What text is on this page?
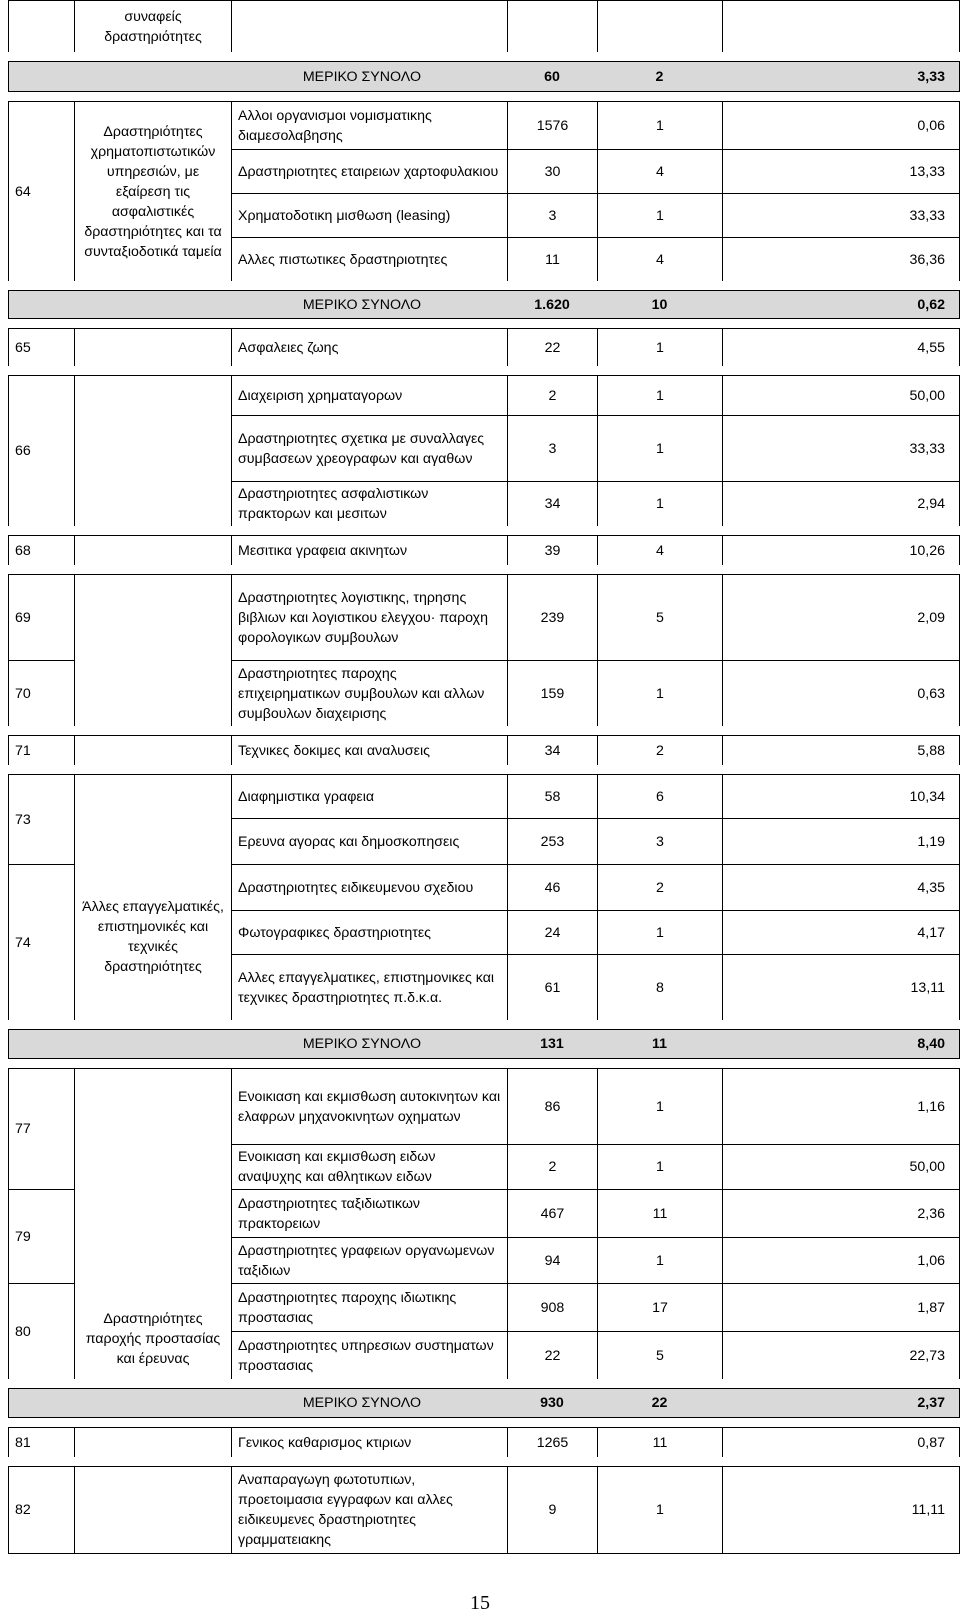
	συναφείς δραστηριότητες				

ΜΕΡΙΚΟ ΣΥΝΟΛΟ			60	2	3,33

64	Δραστηριότητες χρηματοπιστωτικών υπηρεσιών, με εξαίρεση τις ασφαλιστικές δραστηριότητες και τα συνταξιοδοτικά ταμεία	Αλλοι οργανισμοι νομισματικης διαμεσολαβησης	1576	1	0,06
		Δραστηριοτητες εταιρειων χαρτοφυλακιου	30	4	13,33
		Χρηματοδοτικη μισθωση (leasing)	3	1	33,33
		Αλλες πιστωτικες δραστηριοτητες	11	4	36,36

ΜΕΡΙΚΟ ΣΥΝΟΛΟ			1.620	10	0,62

65		Ασφαλειες ζωης	22	1	4,55

66		Διαχειριση χρηματαγορων	2	1	50,00
		Δραστηριοτητες σχετικα με συναλλαγες συμβασεων χρεογραφων και αγαθων	3	1	33,33
		Δραστηριοτητες ασφαλιστικων πρακτορων και μεσιτων	34	1	2,94

68		Μεσιτικα γραφεια ακινητων	39	4	10,26

69		Δραστηριοτητες λογιστικης, τηρησης βιβλιων και λογιστικου ελεγχου· παροχη φορολογικων συμβουλων	239	5	2,09
70		Δραστηριοτητες παροχης επιχειρηματικων συμβουλων και αλλων συμβουλων διαχειρισης	159	1	0,63

71		Τεχνικες δοκιμες και αναλυσεις	34	2	5,88

73	Άλλες επαγγελματικές, επιστημονικές και τεχνικές δραστηριότητες	Διαφημιστικα γραφεια	58	6	10,34
		Ερευνα αγορας και δημοσκοπησεις	253	3	1,19
74		Δραστηριοτητες ειδικευμενου σχεδιου	46	2	4,35
		Φωτογραφικες δραστηριοτητες	24	1	4,17
		Αλλες επαγγελματικες, επιστημονικες και τεχνικες δραστηριοτητες π.δ.κ.α.	61	8	13,11

ΜΕΡΙΚΟ ΣΥΝΟΛΟ			131	11	8,40

77	Δραστηριότητες παροχής προστασίας και έρευνας	Ενοικιαση και εκμισθωση αυτοκινητων και ελαφρων μηχανοκινητων οχηματων	86	1	1,16
		Ενοικιαση και εκμισθωση ειδων αναψυχης και αθλητικων ειδων	2	1	50,00
79		Δραστηριοτητες ταξιδιωτικων πρακτορειων	467	11	2,36
		Δραστηριοτητες γραφειων οργανωμενων ταξιδιων	94	1	1,06
80		Δραστηριοτητες παροχης ιδιωτικης προστασιας	908	17	1,87
		Δραστηριοτητες υπηρεσιων συστηματων προστασιας	22	5	22,73

ΜΕΡΙΚΟ ΣΥΝΟΛΟ			930	22	2,37

81		Γενικος καθαρισμος κτιριων	1265	11	0,87

82		Αναπαραγωγη φωτοτυπιων, προετοιμασια εγγραφων και αλλες ειδικευμενες δραστηριοτητες γραμματειακης	9	1	11,11
15
